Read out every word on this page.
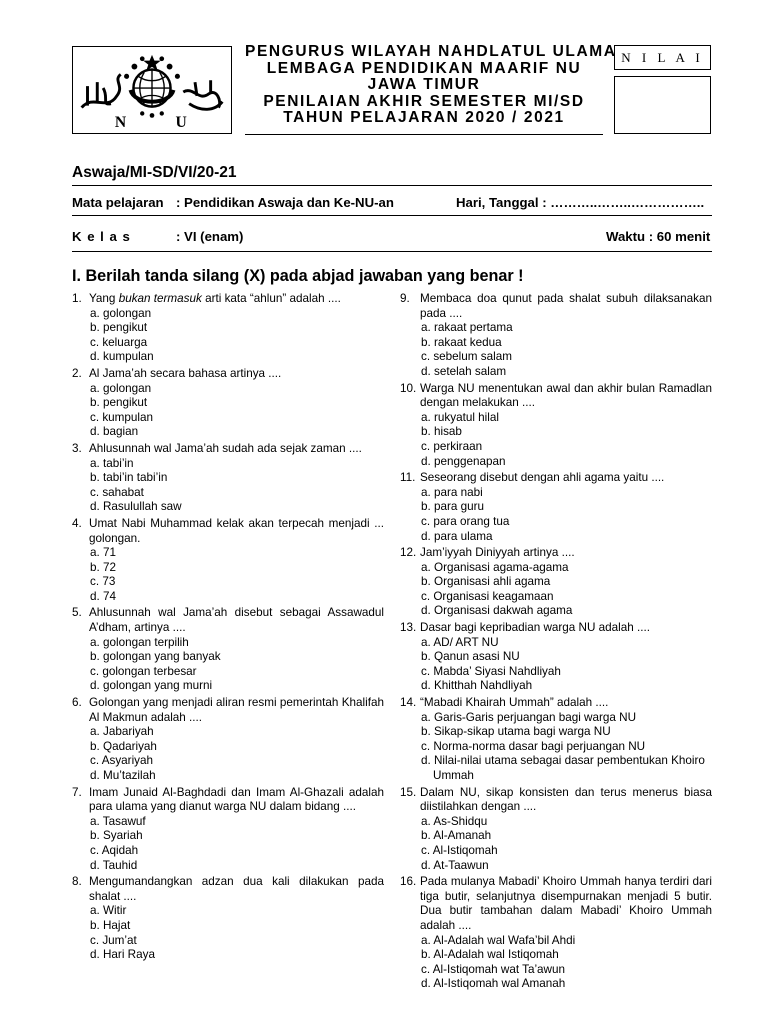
N	U
PENGURUS WILAYAH NAHDLATUL ULAMA
LEMBAGA PENDIDIKAN MAARIF NU
JAWA TIMUR
PENILAIAN AKHIR SEMESTER MI/SD
TAHUN PELAJARAN 2020 / 2021
N I L A I
Aswaja/MI-SD/VI/20-21
Mata pelajaran : Pendidikan Aswaja dan Ke-NU-an	Hari, Tanggal : ………..……..……………..
K e l a s	: VI (enam)	Waktu : 60 menit
I. Berilah tanda silang (X) pada abjad jawaban yang benar !
1. Yang bukan termasuk arti kata “ahlun” adalah ....
a. golongan
b. pengikut
c. keluarga
d. kumpulan
2. Al Jama’ah secara bahasa artinya ....
a. golongan
b. pengikut
c. kumpulan
d. bagian
3. Ahlusunnah wal Jama’ah sudah ada sejak zaman ....
a. tabi’in
b. tabi’in tabi’in
c. sahabat
d. Rasulullah saw
4. Umat Nabi Muhammad kelak akan terpecah menjadi ... golongan.
a. 71
b. 72
c. 73
d. 74
5. Ahlusunnah wal Jama’ah disebut sebagai Assawadul A’dham, artinya ....
a. golongan terpilih
b. golongan yang banyak
c. golongan terbesar
d. golongan yang murni
6. Golongan yang menjadi aliran resmi pemerintah Khalifah Al Makmun adalah ....
a. Jabariyah
b. Qadariyah
c. Asyariyah
d. Mu’tazilah
7. Imam Junaid Al-Baghdadi dan Imam Al-Ghazali adalah para ulama yang dianut warga NU dalam bidang ....
a. Tasawuf
b. Syariah
c. Aqidah
d. Tauhid
8. Mengumandangkan adzan dua kali dilakukan pada shalat ....
a. Witir
b. Hajat
c. Jum’at
d. Hari Raya
9. Membaca doa qunut pada shalat subuh dilaksanakan pada ....
a. rakaat pertama
b. rakaat kedua
c. sebelum salam
d. setelah salam
10. Warga NU menentukan awal dan akhir bulan Ramadlan dengan melakukan ....
a. rukyatul hilal
b. hisab
c. perkiraan
d. penggenapan
11. Seseorang disebut dengan ahli agama yaitu ....
a. para nabi
b. para guru
c. para orang tua
d. para ulama
12. Jam’iyyah Diniyyah artinya ....
a. Organisasi agama-agama
b. Organisasi ahli agama
c. Organisasi keagamaan
d. Organisasi dakwah agama
13. Dasar bagi kepribadian warga NU adalah ....
a. AD/ ART NU
b. Qanun asasi NU
c. Mabda’ Siyasi Nahdliyah
d. Khitthah Nahdliyah
14. “Mabadi Khairah Ummah” adalah ....
a. Garis-Garis perjuangan bagi warga NU
b. Sikap-sikap utama bagi warga NU
c. Norma-norma dasar bagi perjuangan NU
d. Nilai-nilai utama sebagai dasar pembentukan Khoiro Ummah
15. Dalam NU, sikap konsisten dan terus menerus biasa diistilahkan dengan ....
a. As-Shidqu
b. Al-Amanah
c. Al-Istiqomah
d. At-Taawun
16. Pada mulanya Mabadi’ Khoiro Ummah hanya terdiri dari tiga butir, selanjutnya disempurnakan menjadi 5 butir. Dua butir tambahan dalam Mabadi’ Khoiro Ummah adalah ....
a. Al-Adalah wal Wafa’bil Ahdi
b. Al-Adalah wal Istiqomah
c. Al-Istiqomah wat Ta’awun
d. Al-Istiqomah wal Amanah
